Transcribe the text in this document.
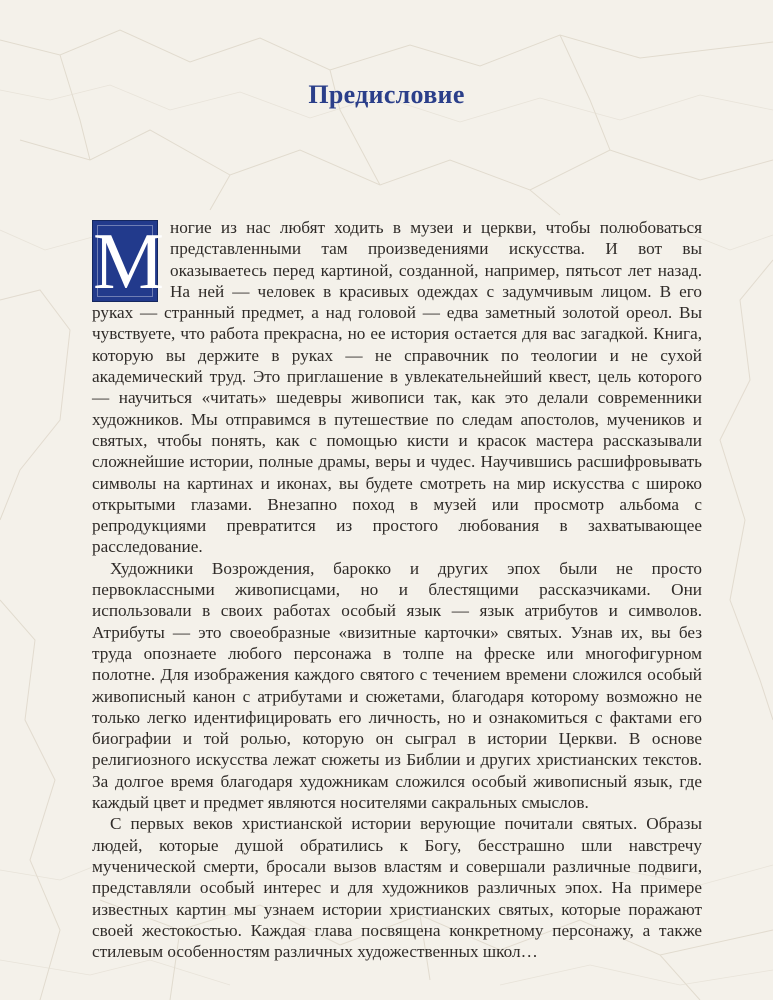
Предисловие

М ногие из нас любят ходить в музеи и церкви, чтобы полюбоваться представленными там произведениями искусства. И вот вы оказываетесь перед картиной, созданной, например, пятьсот лет назад. На ней — человек в красивых одеждах с задумчивым лицом. В его руках — странный предмет, а над головой — едва заметный золотой ореол. Вы чувствуете, что работа прекрасна, но ее история остается для вас загадкой. Книга, которую вы держите в руках — не справочник по теологии и не сухой академический труд. Это приглашение в увлекательнейший квест, цель которого — научиться «читать» шедевры живописи так, как это делали современники художников. Мы отправимся в путешествие по следам апостолов, мучеников и святых, чтобы понять, как с помощью кисти и красок мастера рассказывали сложнейшие истории, полные драмы, веры и чудес. Научившись расшифровывать символы на картинах и иконах, вы будете смотреть на мир искусства с широко открытыми глазами. Внезапно поход в музей или просмотр альбома с репродукциями превратится из простого любования в захватывающее расследование.

Художники Возрождения, барокко и других эпох были не просто первоклассными живописцами, но и блестящими рассказчиками. Они использовали в своих работах особый язык — язык атрибутов и символов. Атрибуты — это своеобразные «визитные карточки» святых. Узнав их, вы без труда опознаете любого персонажа в толпе на фреске или многофигурном полотне. Для изображения каждого святого с течением времени сложился особый живописный канон с атрибутами и сюжетами, благодаря которому возможно не только легко идентифицировать его личность, но и ознакомиться с фактами его биографии и той ролью, которую он сыграл в истории Церкви. В основе религиозного искусства лежат сюжеты из Библии и других христианских текстов. За долгое время благодаря художникам сложился особый живописный язык, где каждый цвет и предмет являются носителями сакральных смыслов.

С первых веков христианской истории верующие почитали святых. Образы людей, которые душой обратились к Богу, бесстрашно шли навстречу мученической смерти, бросали вызов властям и совершали различные подвиги, представляли особый интерес и для художников различных эпох. На примере известных картин мы узнаем истории христианских святых, которые поражают своей жестокостью. Каждая глава посвящена конкретному персонажу, а также стилевым особенностям различных художественных школ…
